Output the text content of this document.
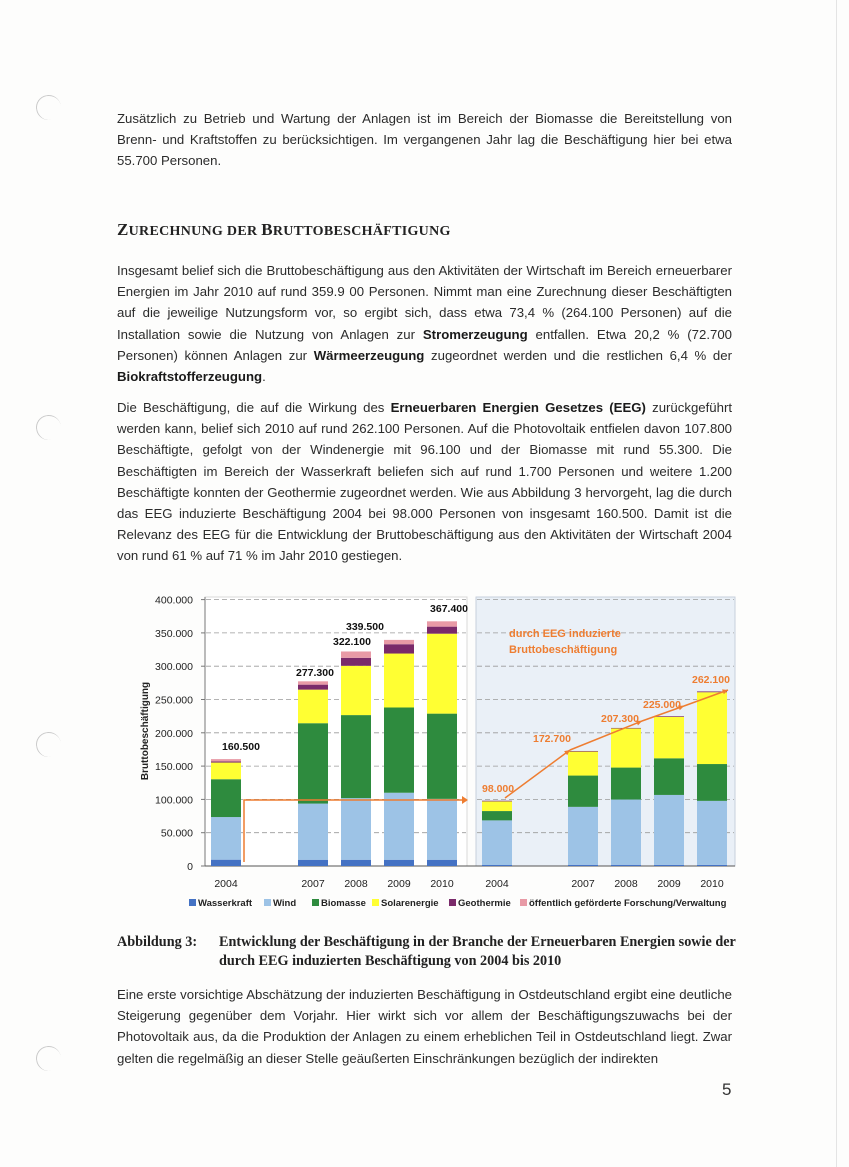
Zusätzlich zu Betrieb und Wartung der Anlagen ist im Bereich der Biomasse die Bereitstellung von Brenn- und Kraftstoffen zu berücksichtigen. Im vergangenen Jahr lag die Beschäftigung hier bei etwa 55.700 Personen.

ZURECHNUNG DER BRUTTOBESCHÄFTIGUNG

Insgesamt belief sich die Bruttobeschäftigung aus den Aktivitäten der Wirtschaft im Bereich erneuerbarer Energien im Jahr 2010 auf rund 359.9 00 Personen. Nimmt man eine Zurechnung dieser Beschäftigten auf die jeweilige Nutzungsform vor, so ergibt sich, dass etwa 73,4 % (264.100 Personen) auf die Installation sowie die Nutzung von Anlagen zur Stromerzeugung entfallen. Etwa 20,2 % (72.700 Personen) können Anlagen zur Wärmeerzeugung zugeordnet werden und die restlichen 6,4 % der Biokraftstofferzeugung.

Die Beschäftigung, die auf die Wirkung des Erneuerbaren Energien Gesetzes (EEG) zurückgeführt werden kann, belief sich 2010 auf rund 262.100 Personen. Auf die Photovoltaik entfielen davon 107.800 Beschäftigte, gefolgt von der Windenergie mit 96.100 und der Biomasse mit rund 55.300. Die Beschäftigten im Bereich der Wasserkraft beliefen sich auf rund 1.700 Personen und weitere 1.200 Beschäftigte konnten der Geothermie zugeordnet werden. Wie aus Abbildung 3 hervorgeht, lag die durch das EEG induzierte Beschäftigung 2004 bei 98.000 Personen von insgesamt 160.500. Damit ist die Relevanz des EEG für die Entwicklung der Bruttobeschäftigung aus den Aktivitäten der Wirtschaft 2004 von rund 61 % auf 71 % im Jahr 2010 gestiegen.

0
50.000
100.000
150.000
200.000
250.000
300.000
350.000
400.000
Bruttobeschäftigung	160.500
277.300
322.100
339.500
367.400
durch EEG induzierte
Bruttobeschäftigung
98.000
172.700
207.300
225.000
262.100
2004	2007 2008 2009 2010	2004	2007 2008 2009 2010
Wasserkraft Wind	Biomasse Solarenergie Geothermie öffentlich geförderte Forschung/Verwaltung
Abbildung 3:	Entwicklung der Beschäftigung in der Branche der Erneuerbaren Energien sowie der durch EEG induzierten Beschäftigung von 2004 bis 2010

Eine erste vorsichtige Abschätzung der induzierten Beschäftigung in Ostdeutschland ergibt eine deutliche Steigerung gegenüber dem Vorjahr. Hier wirkt sich vor allem der Beschäftigungszuwachs bei der Photovoltaik aus, da die Produktion der Anlagen zu einem erheblichen Teil in Ostdeutschland liegt. Zwar gelten die regelmäßig an dieser Stelle geäußerten Einschränkungen bezüglich der indirekten

5
